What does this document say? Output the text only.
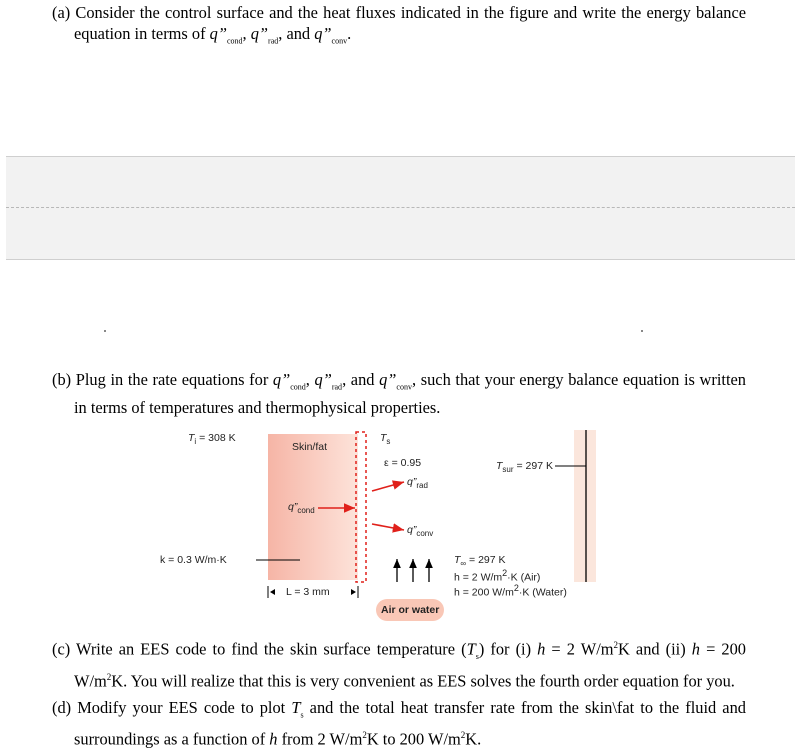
(a) Consider the control surface and the heat fluxes indicated in the figure and write the energy balance equation in terms of $q”_{cond}$, $q”_{rad}$, and $q”_{conv}$.
(b) Plug in the rate equations for $q”_{cond}$, $q”_{rad}$, and $q”_{conv}$, such that your energy balance equation is written in terms of temperatures and thermophysical properties.
$T_i = 308$ K
Skin/fat
$T_s$
ε = 0.95
$q”_{rad}$
$q”_{cond}$
$q”_{conv}$
$T_{sur} = 297$ K
k = 0.3 W/m·K	$T_\infty = 297$ K
h = 2 $W/m^2\cdot K$ (Air)
h = 200 $W/m^2\cdot K$ (Water)
L = 3 mm
Air or water
(c) Write an EES code to find the skin surface temperature $(T_s)$ for (i) h = 2 $W/m^2K$ and (ii) h = 200 $W/m^2K$. You will realize that this is very convenient as EES solves the fourth order equation for you.
(d) Modify your EES code to plot $T_s$ and the total heat transfer rate from the skin\fat to the fluid and surroundings as a function of h from 2 $W/m^2K$ to 200 $W/m^2K$.
